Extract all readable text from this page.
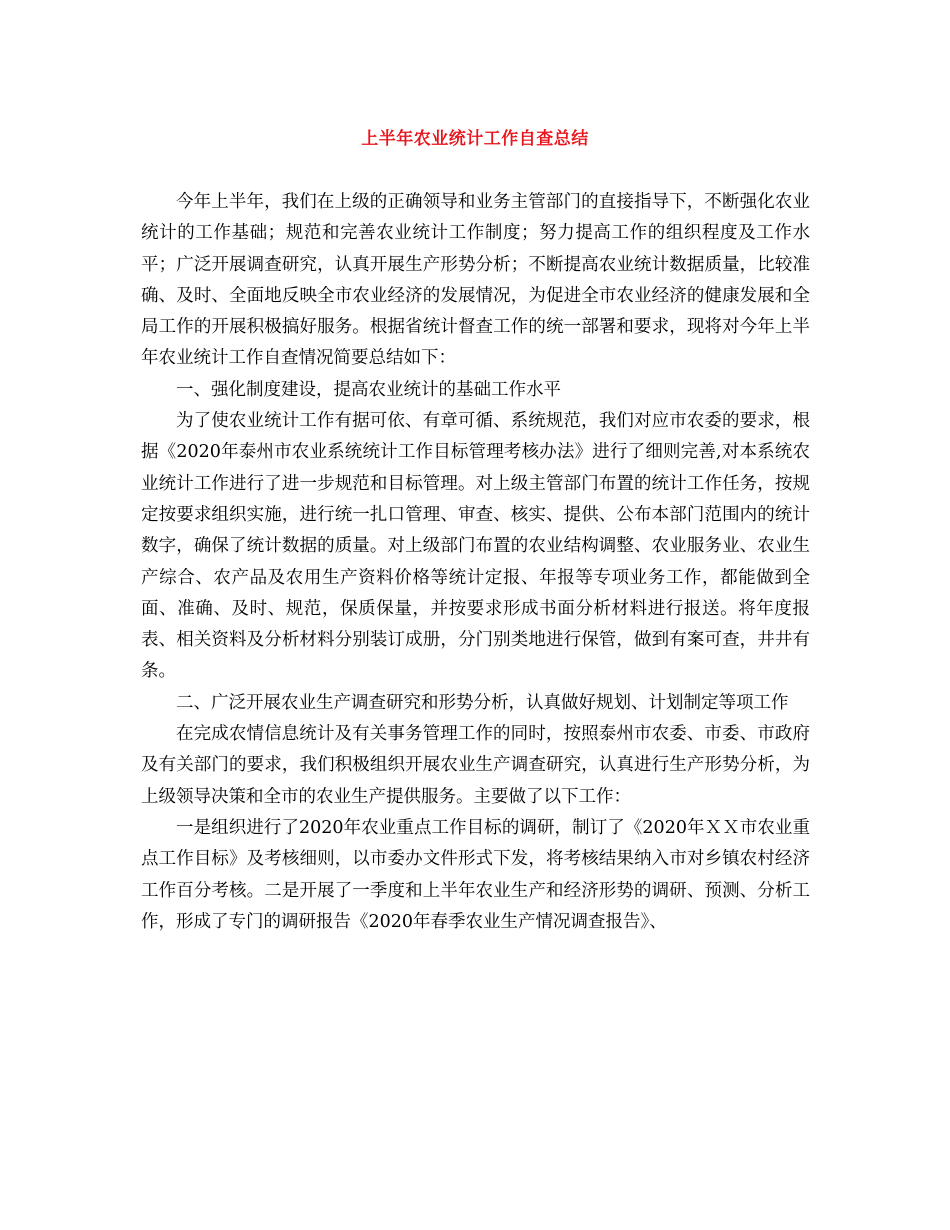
上半年农业统计工作自查总结

今年上半年，我们在上级的正确领导和业务主管部门的直接指导下，不断强化农业统计的工作基础；规范和完善农业统计工作制度；努力提高工作的组织程度及工作水平；广泛开展调查研究，认真开展生产形势分析；不断提高农业统计数据质量，比较准确、及时、全面地反映全市农业经济的发展情况，为促进全市农业经济的健康发展和全局工作的开展积极搞好服务。根据省统计督查工作的统一部署和要求，现将对今年上半年农业统计工作自查情况简要总结如下：

一、强化制度建设，提高农业统计的基础工作水平

为了使农业统计工作有据可依、有章可循、系统规范，我们对应市农委的要求，根据《2020年泰州市农业系统统计工作目标管理考核办法》进行了细则完善,对本系统农业统计工作进行了进一步规范和目标管理。对上级主管部门布置的统计工作任务，按规定按要求组织实施，进行统一扎口管理、审查、核实、提供、公布本部门范围内的统计数字，确保了统计数据的质量。对上级部门布置的农业结构调整、农业服务业、农业生产综合、农产品及农用生产资料价格等统计定报、年报等专项业务工作，都能做到全面、准确、及时、规范，保质保量，并按要求形成书面分析材料进行报送。将年度报表、相关资料及分析材料分别装订成册，分门别类地进行保管，做到有案可查，井井有条。

二、广泛开展农业生产调查研究和形势分析，认真做好规划、计划制定等项工作

在完成农情信息统计及有关事务管理工作的同时，按照泰州市农委、市委、市政府及有关部门的要求，我们积极组织开展农业生产调查研究，认真进行生产形势分析，为上级领导决策和全市的农业生产提供服务。主要做了以下工作：

一是组织进行了2020年农业重点工作目标的调研，制订了《2020年ＸＸ市农业重点工作目标》及考核细则，以市委办文件形式下发，将考核结果纳入市对乡镇农村经济工作百分考核。二是开展了一季度和上半年农业生产和经济形势的调研、预测、分析工作，形成了专门的调研报告《2020年春季农业生产情况调查报告》、
